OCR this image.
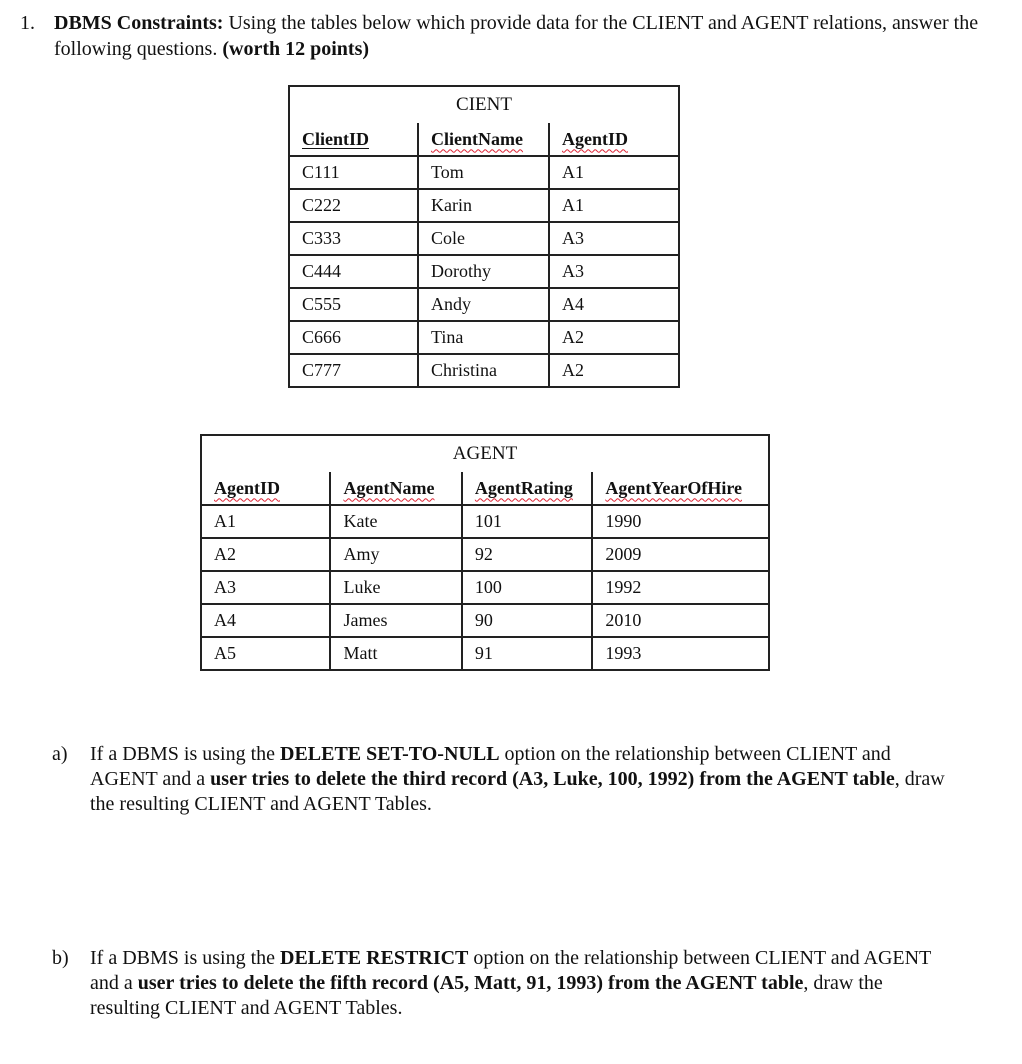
1. DBMS Constraints: Using the tables below which provide data for the CLIENT and AGENT relations, answer the following questions. (worth 12 points)
CIENT		
ClientID	ClientName	AgentID
C111	Tom	A1
C222	Karin	A1
C333	Cole	A3
C444	Dorothy	A3
C555	Andy	A4
C666	Tina	A2
C777	Christina	A2
AGENT			
AgentID	AgentName	AgentRating	AgentYearOfHire
A1	Kate	101	1990
A2	Amy	92	2009
A3	Luke	100	1992
A4	James	90	2010
A5	Matt	91	1993
a) If a DBMS is using the DELETE SET-TO-NULL option on the relationship between CLIENT and AGENT and a user tries to delete the third record (A3, Luke, 100, 1992) from the AGENT table, draw the resulting CLIENT and AGENT Tables.
b) If a DBMS is using the DELETE RESTRICT option on the relationship between CLIENT and AGENT and a user tries to delete the fifth record (A5, Matt, 91, 1993) from the AGENT table, draw the resulting CLIENT and AGENT Tables.
